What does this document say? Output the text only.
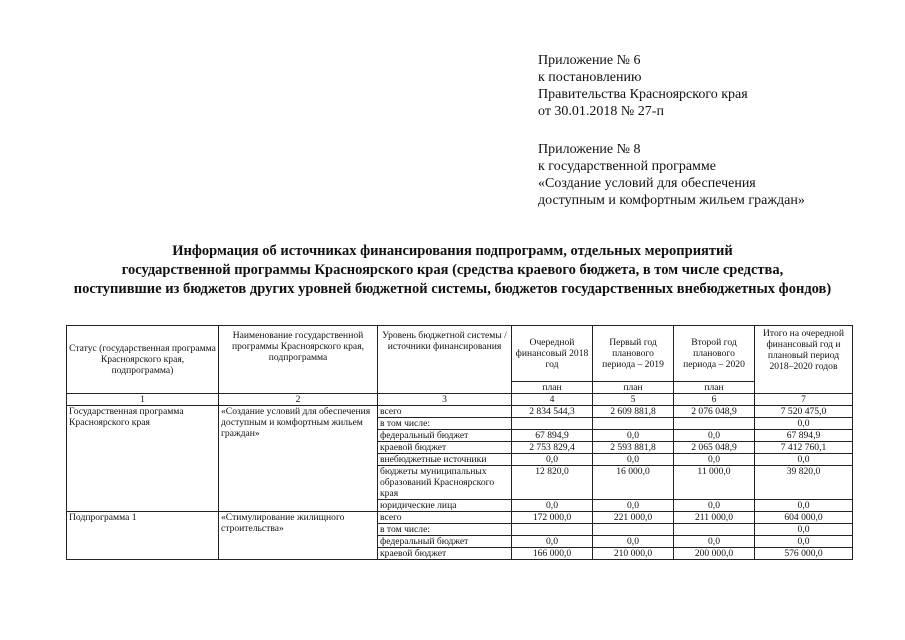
Приложение № 6
к постановлению
Правительства Красноярского края
от 30.01.2018 № 27-п
Приложение № 8
к государственной программе
«Создание условий для обеспечения
доступным и комфортным жильем граждан»
Информация об источниках финансирования подпрограмм, отдельных мероприятий
государственной программы Красноярского края (средства краевого бюджета, в том числе средства,
поступившие из бюджетов других уровней бюджетной системы, бюджетов государственных внебюджетных фондов)
Статус (государственная программа Красноярского края, подпрограмма)	Наименование государственной программы Красноярского края, подпрограмма	Уровень бюджетной системы / источники финансирования	Очередной финансовый 2018 год	Первый год планового периода – 2019	Второй год планового периода – 2020	Итого на очередной финансовый год и плановый период 2018–2020 годов
			план	план	план	
1	2	3	4	5	6	7
Государственная программа Красноярского края	«Создание условий для обеспечения доступным и комфортным жильем граждан»	всего	2 834 544,3	2 609 881,8	2 076 048,9	7 520 475,0
		в том числе:				0,0
		федеральный бюджет	67 894,9	0,0	0,0	67 894,9
		краевой бюджет	2 753 829,4	2 593 881,8	2 065 048,9	7 412 760,1
		внебюджетные источники	0,0	0,0	0,0	0,0
		бюджеты муниципальных образований Красноярского края	12 820,0	16 000,0	11 000,0	39 820,0
		юридические лица	0,0	0,0	0,0	0,0
Подпрограмма 1	«Стимулирование жилищного строительства»	всего	172 000,0	221 000,0	211 000,0	604 000,0
		в том числе:				0,0
		федеральный бюджет	0,0	0,0	0,0	0,0
		краевой бюджет	166 000,0	210 000,0	200 000,0	576 000,0
